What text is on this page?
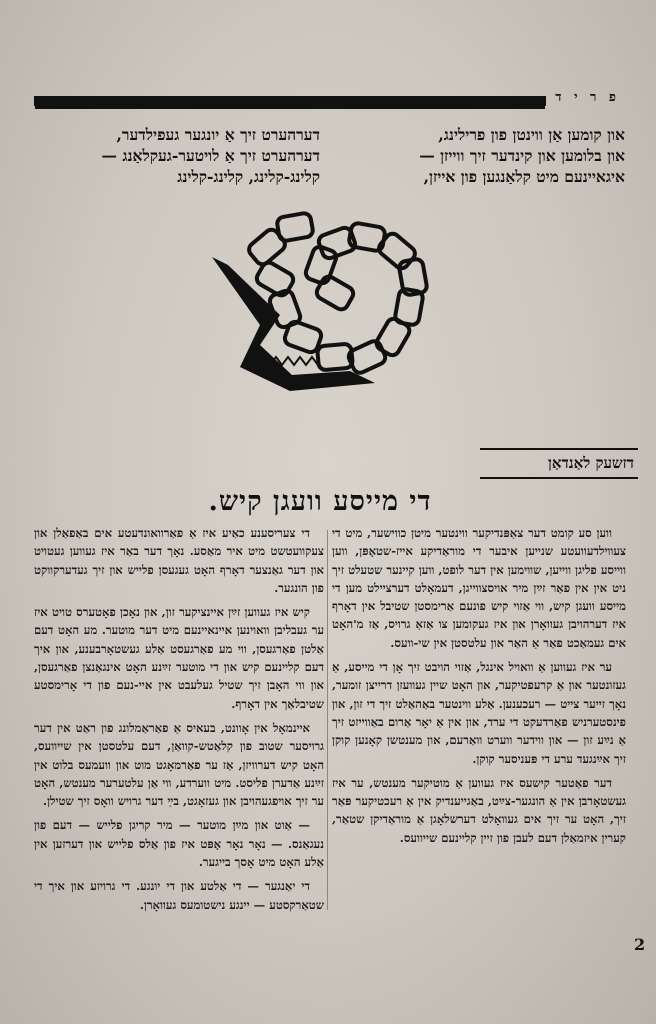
פ ר י ד
און קומען אַן ווינטן פון פרילינג,
און בלומען און קינדער זיך ווייזן —
איגאיינעם מיט קלאַנגען פון אייזן,
דערהערט זיך אַ יונגער געפילדער,
דערהערט זיך אַ לויטער-געקלאַנג —
קלינג-קלינג, קלינג-קלינג
דזשעק לאַנדאַן
די מייסע וועגן קיש.

ווען סע קומט דער צאַפּנדיקער ווינטער מיטן כווישער, מיט די צעווילדעוועטע שנייען איבער די מוראַדיקע אייז-שטאָפּן, ווען ווייסע פליגן ווייען, שווימען אין דער לופט, ווען קיינער שטעלט זיך ניט אין אין פאַר זײַן מיר אויסצווייגן, דעמאָלט דערציילט מען די מייסע וועגן קיש, ווי אַזוי קיש פונעם אַרימסטן שטיבל אין דאָרף איז דערהויבן געוואָרן און איז געקומען צו אַזאַ גרויס, אַז מ'האָט אים געמאַכט פאַר אַ האַר און עלטסטן אין שי-וועס.

ער איז געווען אַ וואויל אינגל, אַזוי הויבט זיך אָן די מייסע, אַ געזונטער און אַ קרעפטיקער, און האָט שיין געוועזן דרייצן זומער, נאָך זייער צייט — רעכענען. אַלע ווינטער באַהאַלט זיך די זון, און פינסטערניש פאַרדעקט די ערד, און אין אַ יאָר אַרום באַווייזט זיך אַ נײַע זון — און ווידער ווערט וואַרעם, און מענטשן קאָנען קוקן זיך אײַנגעד ערע די פּעניסער קוקן.

דער פאַטער קישעס איז געווען אַ מוטיקער מענטש, ער איז געשטאָרבן אין אַ הונגער-צײַט, באַגייענדיק אין אַ רעכטיקער פּאַר זיך, האָט ער זיך אים געוואָלט דערשלאָגן אַ מוראַדיקן שטאַר, קערין איזמאַלן דעם לעבן פון זיין קליינעם שייוועס.

די צעריסענע כאַיע איז אַ פאַרוואונדעטע אים באַפאַלן און צעקוועטשט מיט איר מאַסע. נאָך דער באַר איז געווען געטויט און דער גאַנצער דאָרף האָט געגעסן פלייש און זיך געדערקווקט פון הונגער.

קיש איז געווען זײַן איינציקער זון, און נאָכן פאָטערס טויט איז ער געבליבן וואוינען איינאיינעם מיט דער מוטער. מע האָט דעם אַלטן פאַרגעסן, ווי מע פאַרגעסט אַלע געשטאָרבענע, און איך דעם קליינעם קיש און די מוטער זײַנע האָט אינגאַנצן פאַרגעסן, און ווי האָבן זיך שטיל געלעבט אין איי-נעם פון די אָרימסטע שטיבלאַך אין דאָרף.

איינמאָל אין אָוונט, בעאיס אַ פאַראַמלונג פון ראַט אין דער גרויסער שטוב פון קלאַטש-קוואַן, דעם עלטסטן אין שייוועס, האָט קיש דערוויזן, אַז ער פאַרמאָגט מוט און וועמעס בלוט אין זײַנע אַדערן פליסט. מיט ווערדע, ווי אַן עלטערער מענטש, האָט ער זיך אויפגעהויבן און געזאָגט, בײַ דער גרויש וואָס זיך שטילן.

— אַוט און מײַן מוטער — מיר קריגן פלייש — דעם פון נעגאַנס. — נאָר נאָר אָפּט איז פון אַלס פלייש און דערזען אין אַלע האָט מיט אָסך בייגער.

די יאַנגער — די אַלטע און די יונגע. די גרויזע און איך די שטאַרקסטע — יינגע נישטומעס געוואָרן.

2
